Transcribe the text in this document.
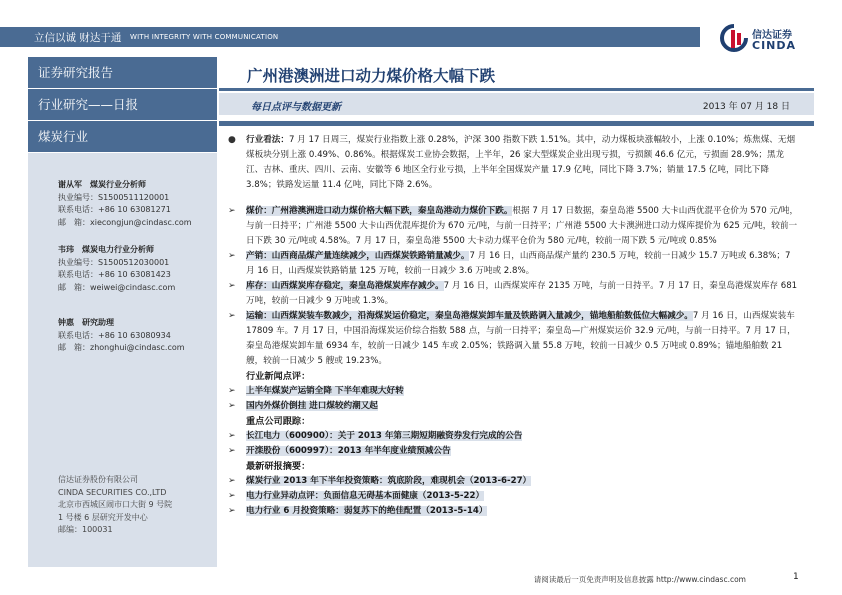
立信以诚 财达于通 WITH INTEGRITY WITH COMMUNICATION	信达证券
CINDA
证券研究报告
行业研究——日报
煤炭行业
谢从军　煤炭行业分析师
执业编号：S1500511120001
联系电话：+86 10 63081271
邮　箱：xiecongjun@cindasc.com
韦玮　煤炭电力行业分析师
执业编号：S1500512030001
联系电话：+86 10 63081423
邮　箱：weiwei@cindasc.com
钟惠　研究助理
联系电话：+86 10 63080934
邮　箱：zhonghui@cindasc.com
信达证券股份有限公司
CINDA SECURITIES CO.,LTD
北京市西城区闹市口大街 9 号院
1 号楼 6 层研究开发中心
邮编：100031
广州港澳洲进口动力煤价格大幅下跌
每日点评与数据更新	2013 年 07 月 18 日
● 行业看法：7 月 17 日周三，煤炭行业指数上涨 0.28%，沪深 300 指数下跌 1.51%。其中，动力煤板块涨幅较小，上涨 0.10%；炼焦煤、无烟煤板块分别上涨 0.49%、0.86%。根据煤炭工业协会数据，上半年，26 家大型煤炭企业出现亏损，亏损额 46.6 亿元，亏损面 28.9%；黑龙江、吉林、重庆、四川、云南、安徽等 6 地区全行业亏损，上半年全国煤炭产量 17.9 亿吨，同比下降 3.7%；销量 17.5 亿吨，同比下降 3.8%；铁路发运量 11.4 亿吨，同比下降 2.6%。
➢ 煤价：广州港澳洲进口动力煤价格大幅下跌，秦皇岛港动力煤价下跌。根据 7 月 17 日数据，秦皇岛港 5500 大卡山西优混平仓价为 570 元/吨，与前一日持平；广州港 5500 大卡山西优混库提价为 670 元/吨，与前一日持平；广州港 5500 大卡澳洲进口动力煤库提价为 625 元/吨，较前一日下跌 30 元/吨或 4.58%。7 月 17 日，秦皇岛港 5500 大卡动力煤平仓价为 580 元/吨，较前一周下跌 5 元/吨或 0.85%
➢ 产销：山西商品煤产量连续减少，山西煤炭铁路销量减少。7 月 16 日，山西商品煤产量约 230.5 万吨，较前一日减少 15.7 万吨或 6.38%；7 月 16 日，山西煤炭铁路销量 125 万吨，较前一日减少 3.6 万吨或 2.8%。
➢ 库存：山西煤炭库存稳定，秦皇岛港煤炭库存减少。7 月 16 日，山西煤炭库存 2135 万吨，与前一日持平。7 月 17 日，秦皇岛港煤炭库存 681 万吨，较前一日减少 9 万吨或 1.3%。
➢ 运输：山西煤炭装车数减少，沿海煤炭运价稳定，秦皇岛港煤炭卸车量及铁路调入量减少，锚地船舶数低位大幅减少。7 月 16 日，山西煤炭装车 17809 车。7 月 17 日，中国沿海煤炭运价综合指数 588 点，与前一日持平；秦皇岛—广州煤炭运价 32.9 元/吨，与前一日持平。7 月 17 日，秦皇岛港煤炭卸车量 6934 车，较前一日减少 145 车或 2.05%；铁路调入量 55.8 万吨，较前一日减少 0.5 万吨或 0.89%；锚地船舶数 21 艘，较前一日减少 5 艘或 19.23%。
行业新闻点评：
➢ 上半年煤炭产运销全降 下半年难现大好转
➢ 国内外煤价倒挂 进口煤较约潮又起
重点公司跟踪：
➢ 长江电力（600900）：关于 2013 年第三期短期融资券发行完成的公告
➢ 开滦股份（600997）：2013 年半年度业绩预减公告
最新研报摘要：
➢ 煤炭行业 2013 年下半年投资策略：筑底阶段，难现机会（2013-6-27）
➢ 电力行业异动点评：负面信息无碍基本面健康（2013-5-22）
➢ 电力行业 6 月投资策略：弱复苏下的绝佳配置（2013-5-14）
请阅读最后一页免责声明及信息披露 http://www.cindasc.com	1
